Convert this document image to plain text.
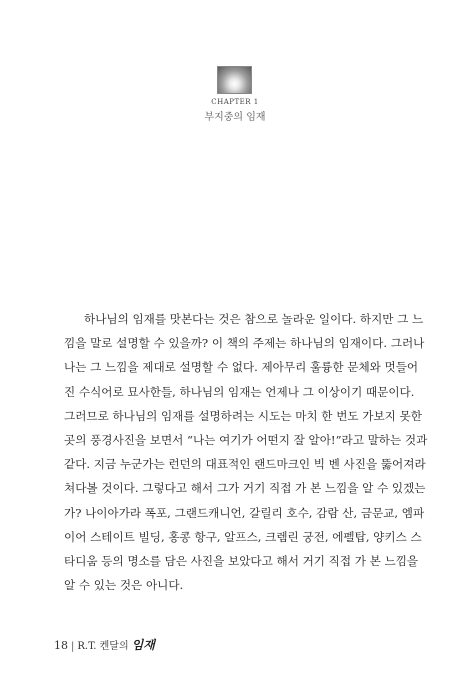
CHAPTER 1
부지중의 임재
하나님의 임재를 맛본다는 것은 참으로 놀라운 일이다. 하지만 그 느
낌을 말로 설명할 수 있을까? 이 책의 주제는 하나님의 임재이다. 그러나
나는 그 느낌을 제대로 설명할 수 없다. 제아무리 훌륭한 문체와 멋들어
진 수식어로 묘사한들, 하나님의 임재는 언제나 그 이상이기 때문이다.
그러므로 하나님의 임재를 설명하려는 시도는 마치 한 번도 가보지 못한
곳의 풍경사진을 보면서 “나는 여기가 어떤지 잘 알아!”라고 말하는 것과
같다. 지금 누군가는 런던의 대표적인 랜드마크인 빅 벤 사진을 뚫어져라
쳐다볼 것이다. 그렇다고 해서 그가 거기 직접 가 본 느낌을 알 수 있겠는
가? 나이아가라 폭포, 그랜드캐니언, 갈릴리 호수, 감람 산, 금문교, 엠파
이어 스테이트 빌딩, 홍콩 항구, 알프스, 크렘린 궁전, 에펠탑, 양키스 스
타디움 등의 명소를 담은 사진을 보았다고 해서 거기 직접 가 본 느낌을
알 수 있는 것은 아니다.
18 | R.T. 켄달의 임재
